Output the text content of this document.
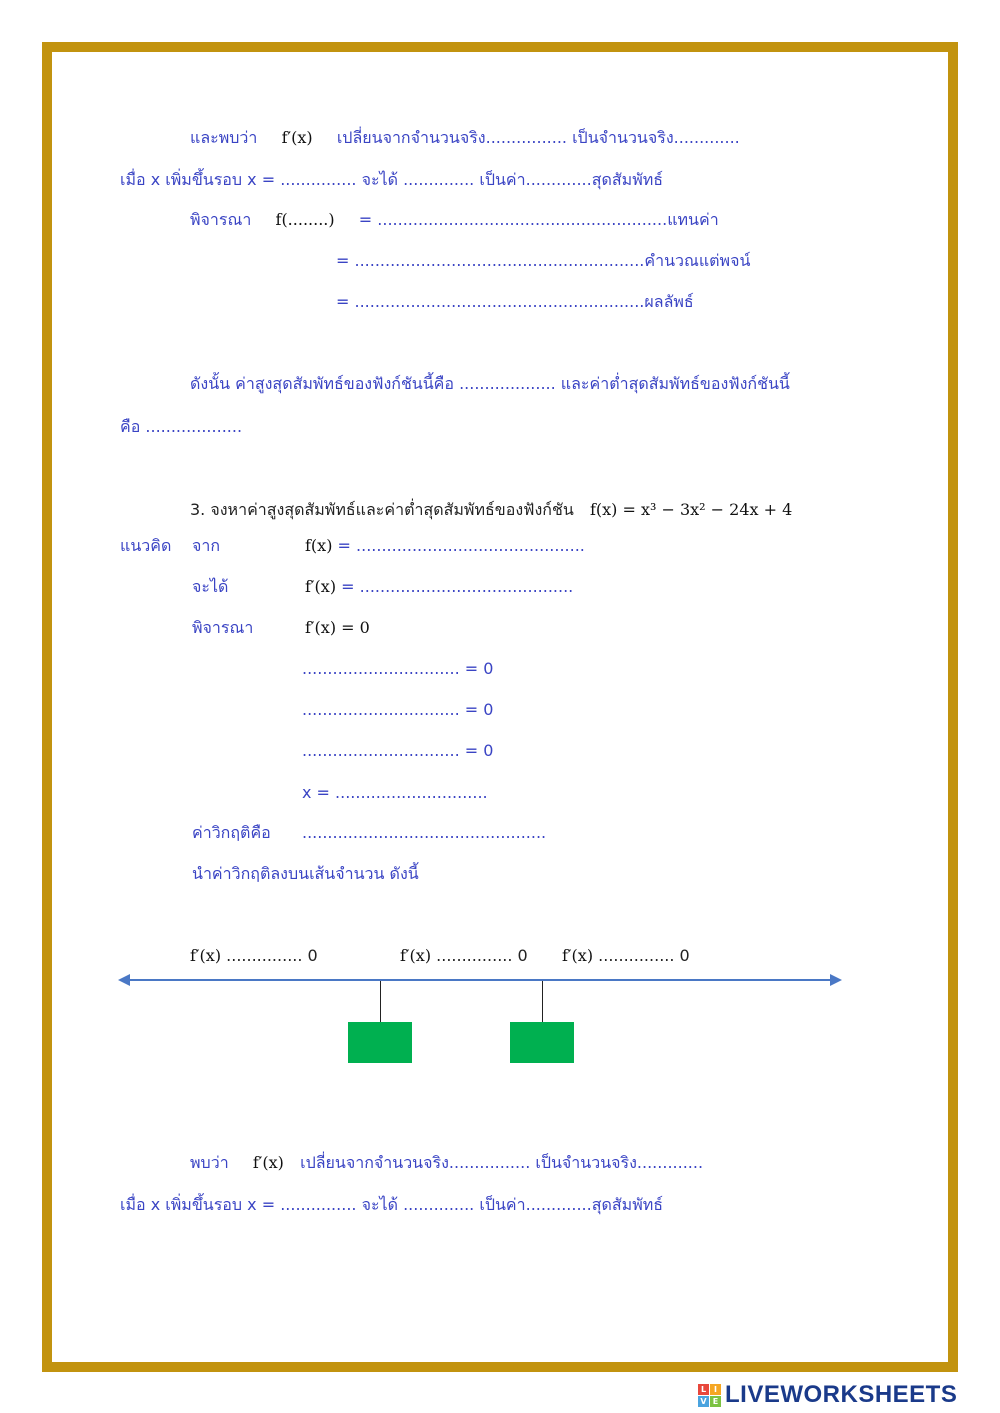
และพบว่า f′(x) เปลี่ยนจากจำนวนจริง................ เป็นจำนวนจริง.............
เมื่อ x เพิ่มขึ้นรอบ x = ............... จะได้ .............. เป็นค่า.............สุดสัมพัทธ์
พิจารณา f(........) = .........................................................แทนค่า
= .........................................................คำนวณแต่พจน์
= .........................................................ผลลัพธ์
ดังนั้น ค่าสูงสุดสัมพัทธ์ของฟังก์ชันนี้คือ ................... และค่าต่ำสุดสัมพัทธ์ของฟังก์ชันนี้
คือ ...................
3. จงหาค่าสูงสุดสัมพัทธ์และค่าต่ำสุดสัมพัทธ์ของฟังก์ชัน f(x) = x³ − 3x² − 24x + 4
แนวคิด จาก	f(x) = .............................................
จะได้	f′(x) = ..........................................
พิจารณา	f′(x) = 0
............................... = 0
............................... = 0
............................... = 0
x = ..............................
ค่าวิกฤติคือ ................................................
นำค่าวิกฤติลงบนเส้นจำนวน ดังนี้
f′(x) ............... 0	f′(x) ............... 0 f′(x) ............... 0
พบว่า f′(x) เปลี่ยนจากจำนวนจริง................ เป็นจำนวนจริง.............
เมื่อ x เพิ่มขึ้นรอบ x = ............... จะได้ .............. เป็นค่า.............สุดสัมพัทธ์
L I
V E LIVEWORKSHEETS
